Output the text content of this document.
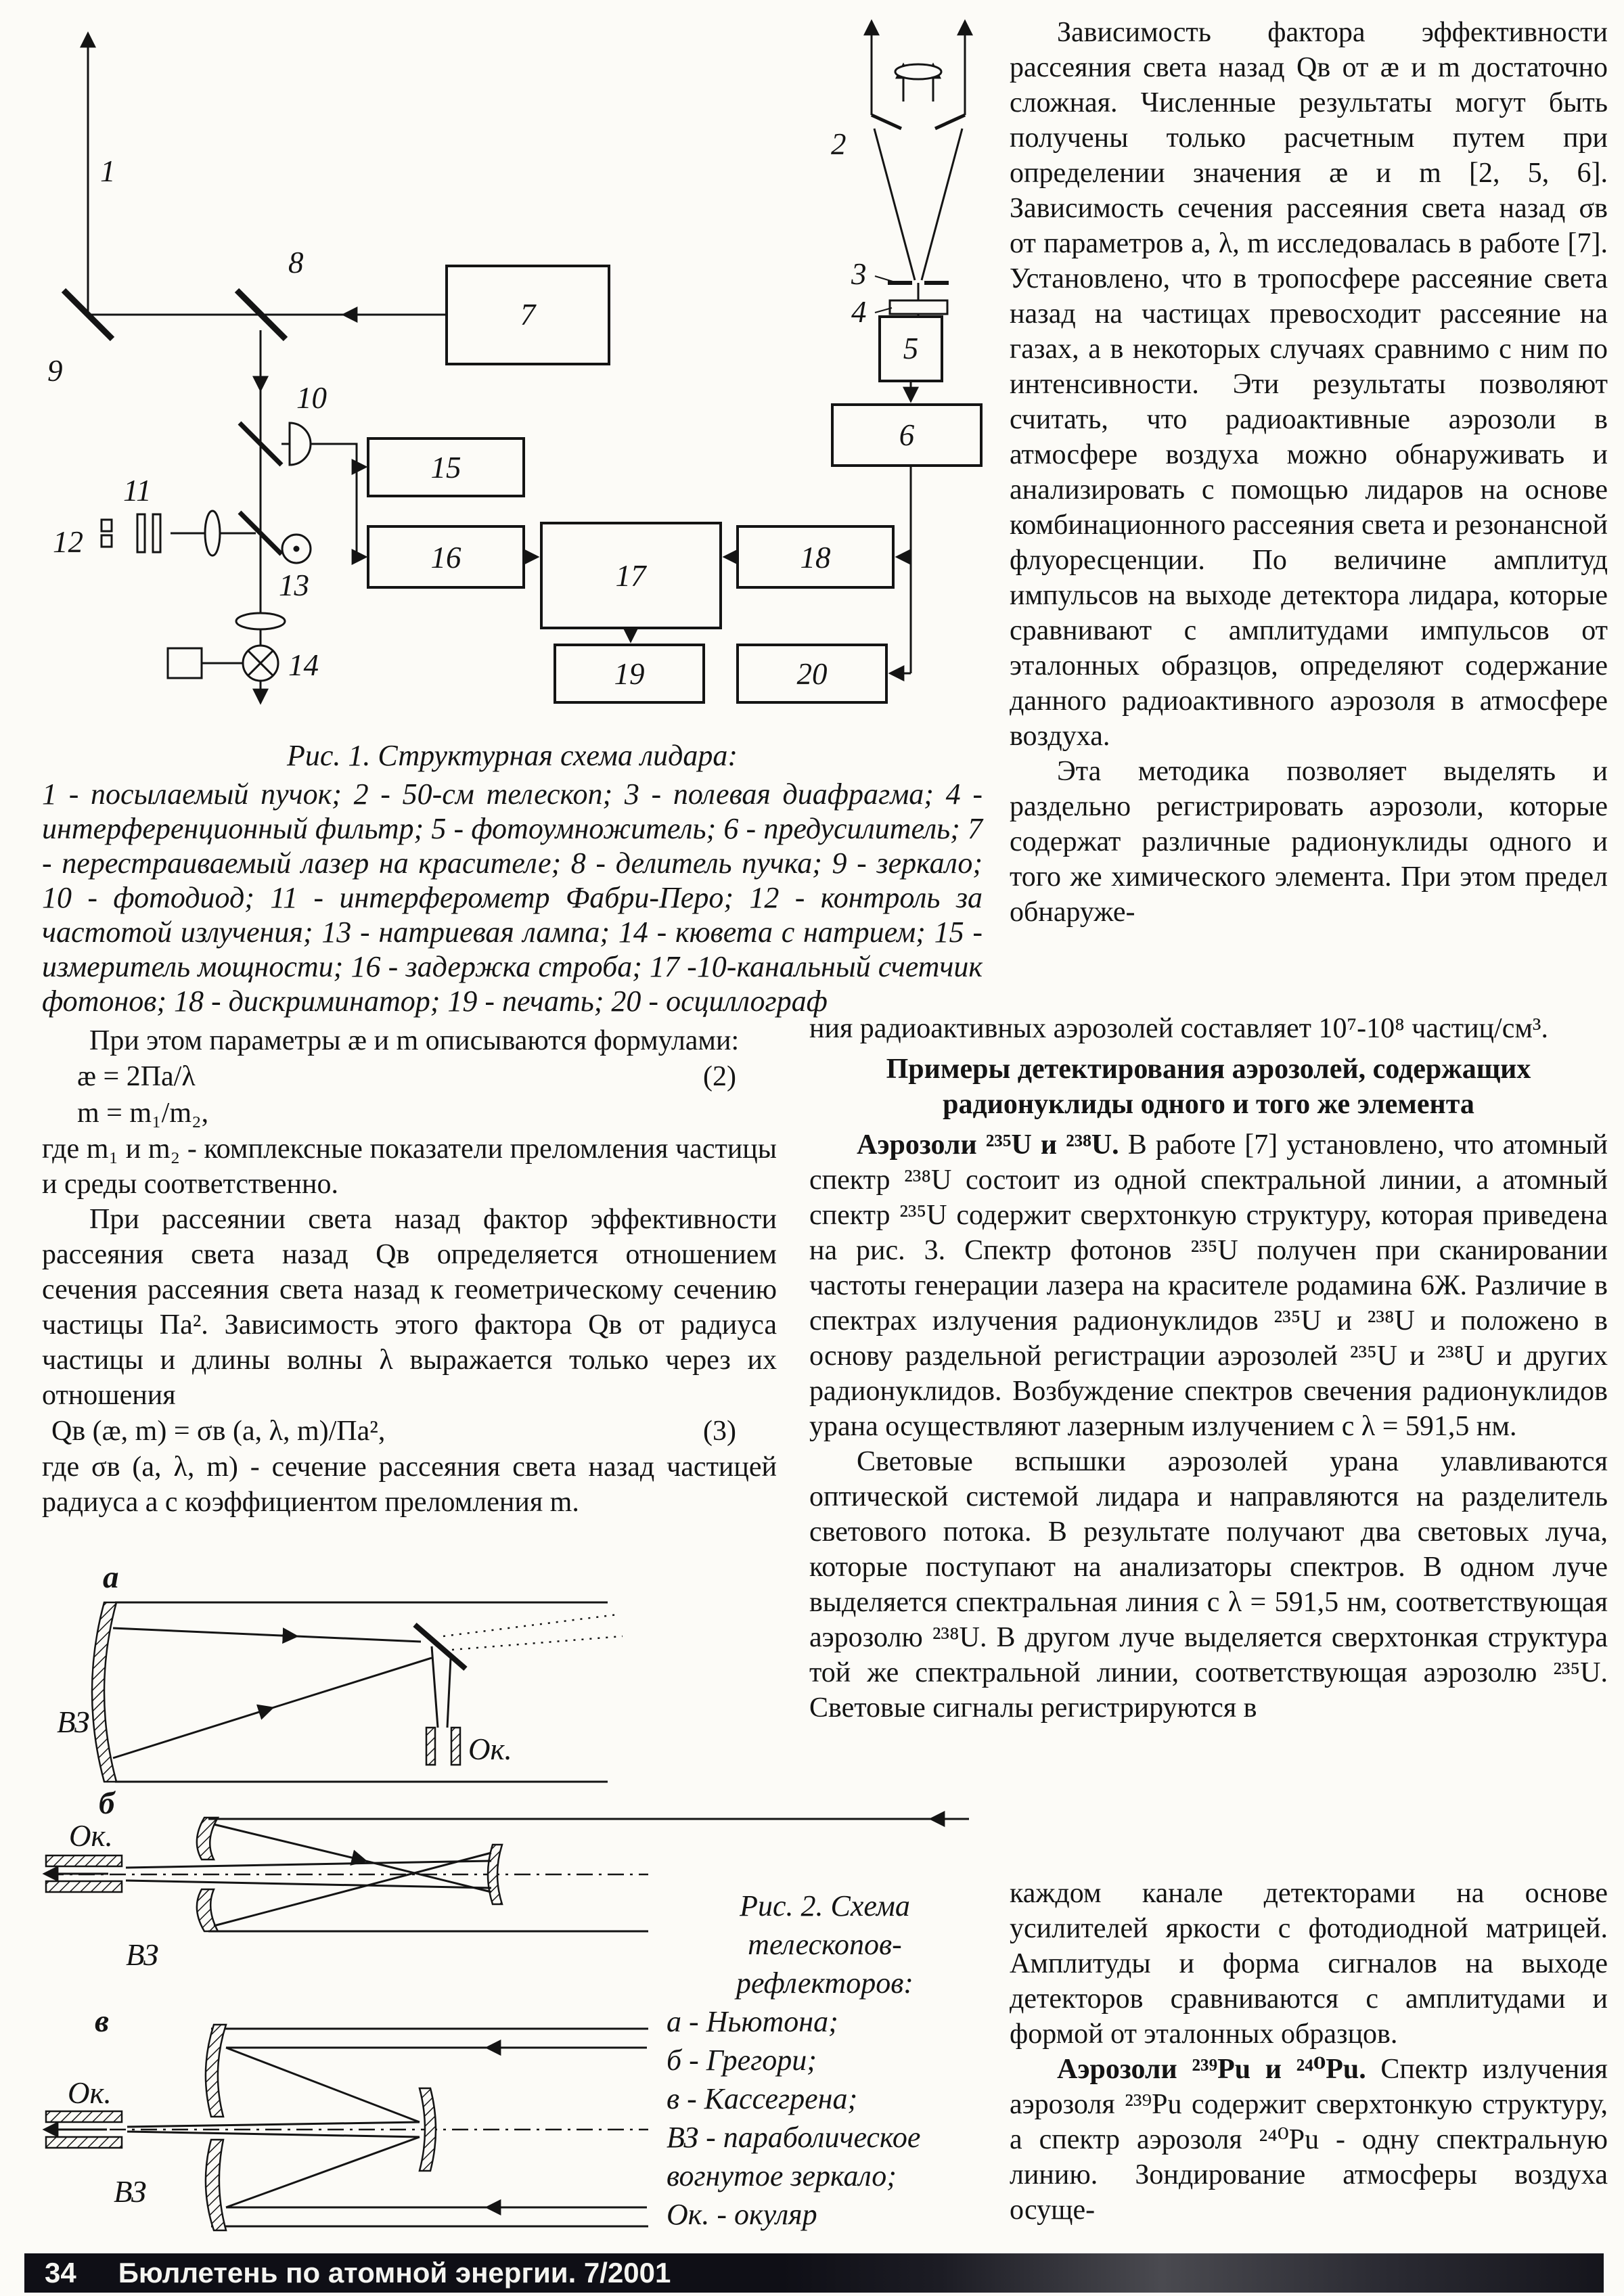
1
2
3
4
5
6
7
8
9
10
11
12
13
14
15
16
17
18
19	20
Рис. 1. Структурная схема лидара:
1 - посылаемый пучок; 2 - 50-см телескоп; 3 - полевая диафрагма; 4 - интерференционный фильтр; 5 - фотоумножитель; 6 - предусилитель; 7 - перестраиваемый лазер на красителе; 8 - делитель пучка; 9 - зеркало; 10 - фотодиод; 11 - интерферометр Фабри-Перо; 12 - контроль за частотой излучения; 13 - натриевая лампа; 14 - кювета с натрием; 15 - измеритель мощности; 16 - задержка строба; 17 -10-канальный счетчик фотонов; 18 - дискриминатор; 19 - печать; 20 - осциллограф

При этом параметры æ и m описываются формулами:

æ = 2Па/λ	(2)
m = m₁/m₂,

где m₁ и m₂ - комплексные показатели преломления частицы и среды соответственно.

При рассеянии света назад фактор эффективности рассеяния света назад Qв определяется отношением сечения рассеяния света назад к геометрическому сечению частицы Па². Зависимость этого фактора Qв от радиуса частицы и длины волны λ выражается только через их отношения

Qв (æ, m) = σв (a, λ, m)/Па²,	(3)

где σв (a, λ, m) - сечение рассеяния света назад частицей радиуса a с коэффициентом преломления m.

а
ВЗ
Ок.
б
Ок.
ВЗ
в
Ок.
ВЗ
Рис. 2. Схема телескопов-рефлекторов:
а - Ньютона;
б - Грегори;
в - Кассегрена;
ВЗ - параболическое вогнутое зеркало;
Ок. - окуляр

Зависимость фактора эффективности рассеяния света назад Qв от æ и m достаточно сложная. Численные результаты могут быть получены только расчетным путем при определении значения æ и m [2, 5, 6]. Зависимость сечения рассеяния света назад σв от параметров a, λ, m исследовалась в работе [7]. Установлено, что в тропосфере рассеяние света назад на частицах превосходит рассеяние на газах, а в некоторых случаях сравнимо с ним по интенсивности. Эти результаты позволяют считать, что радиоактивные аэрозоли в атмосфере воздуха можно обнаруживать и анализировать с помощью лидаров на основе комбинационного рассеяния света и резонансной флуоресценции. По величине амплитуд импульсов на выходе детектора лидара, которые сравнивают с амплитудами импульсов от эталонных образцов, определяют содержание данного радиоактивного аэрозоля в атмосфере воздуха.

Эта методика позволяет выделять и раздельно регистрировать аэрозоли, которые содержат различные радионуклиды одного и того же химического элемента. При этом предел обнаруже-

ния радиоактивных аэрозолей составляет 10⁷-10⁸ частиц/см³.

Примеры детектирования аэрозолей, содержащих радионуклиды одного и того же элемента

Аэрозоли ²³⁵U и ²³⁸U. В работе [7] установлено, что атомный спектр ²³⁸U состоит из одной спектральной линии, а атомный спектр ²³⁵U содержит сверхтонкую структуру, которая приведена на рис. 3. Спектр фотонов ²³⁵U получен при сканировании частоты генерации лазера на красителе родамина 6Ж. Различие в спектрах излучения радионуклидов ²³⁵U и ²³⁸U и положено в основу раздельной регистрации аэрозолей ²³⁵U и ²³⁸U и других радионуклидов. Возбуждение спектров свечения радионуклидов урана осуществляют лазерным излучением с λ = 591,5 нм.

Световые вспышки аэрозолей урана улавливаются оптической системой лидара и направляются на разделитель светового потока. В результате получают два световых луча, которые поступают на анализаторы спектров. В одном луче выделяется спектральная линия с λ = 591,5 нм, соответствующая аэрозолю ²³⁸U. В другом луче выделяется сверхтонкая структура той же спектральной линии, соответствующая аэрозолю ²³⁵U. Световые сигналы регистрируются в

каждом канале детекторами на основе усилителей яркости с фотодиодной матрицей. Амплитуды и форма сигналов на выходе детекторов сравниваются с амплитудами и формой от эталонных образцов.

Аэрозоли ²³⁹Pu и ²⁴⁰Pu. Спектр излучения аэрозоля ²³⁹Pu содержит сверхтонкую структуру, а спектр аэрозоля ²⁴⁰Pu - одну спектральную линию. Зондирование атмосферы воздуха осуще-

34 Бюллетень по атомной энергии. 7/2001
